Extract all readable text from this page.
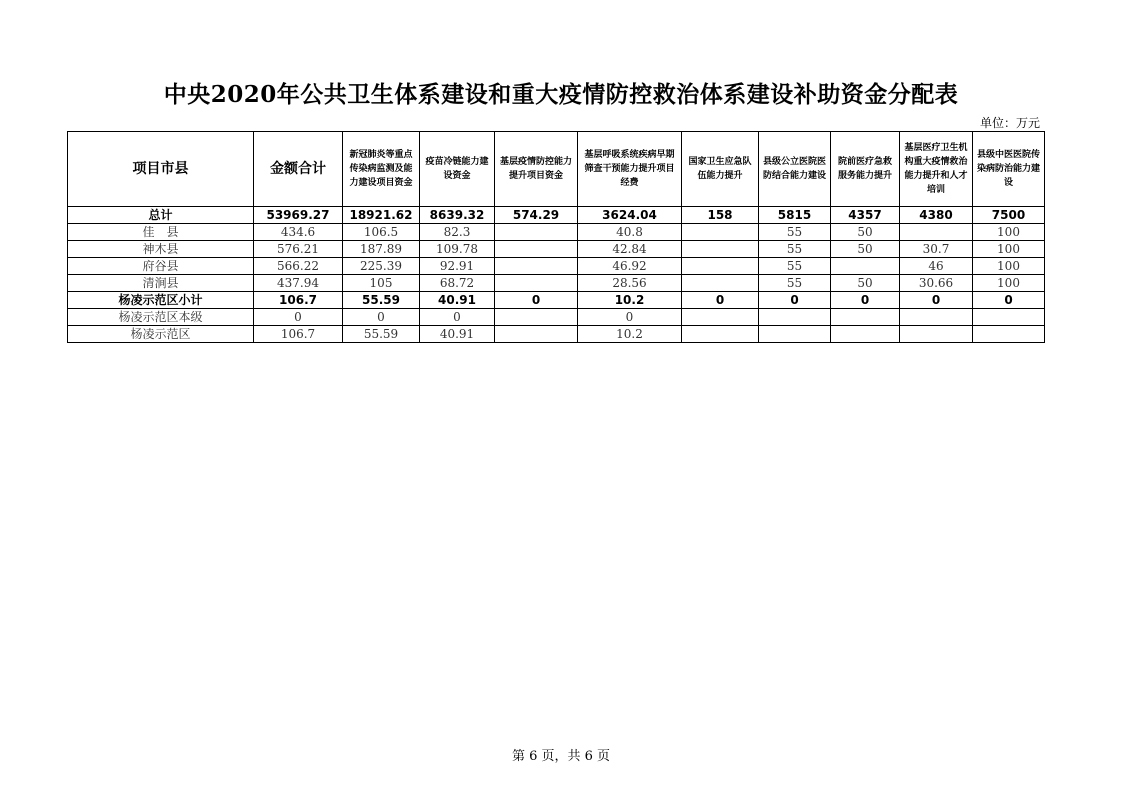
中央2020年公共卫生体系建设和重大疫情防控救治体系建设补助资金分配表
单位：万元
项目市县	金额合计	新冠肺炎等重点传染病监测及能力建设项目资金	疫苗冷链能力建设资金	基层疫情防控能力提升项目资金	基层呼吸系统疾病早期筛查干预能力提升项目经费	国家卫生应急队伍能力提升	县级公立医院医防结合能力建设	院前医疗急救服务能力提升	基层医疗卫生机构重大疫情救治能力提升和人才培训	县级中医医院传染病防治能力建设

总计	53969.27	18921.62	8639.32	574.29	3624.04	158	5815	4357	4380	7500
佳　县	434.6	106.5	82.3		40.8		55	50		100
神木县	576.21	187.89	109.78		42.84		55	50	30.7	100
府谷县	566.22	225.39	92.91		46.92		55		46	100
清涧县	437.94	105	68.72		28.56		55	50	30.66	100
杨凌示范区小计	106.7	55.59	40.91	0	10.2	0	0	0	0	0
杨凌示范区本级	0	0	0		0					
杨凌示范区	106.7	55.59	40.91		10.2					
第 6 页，共 6 页
